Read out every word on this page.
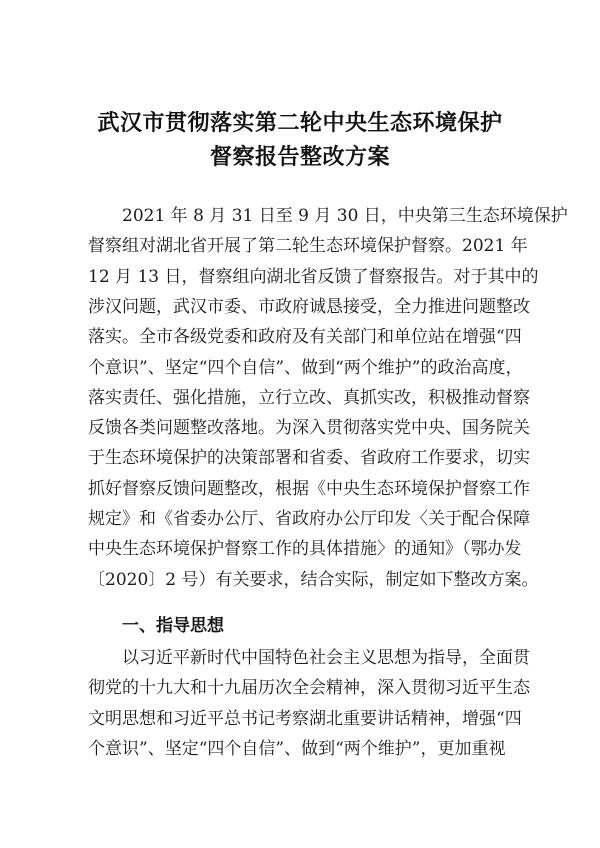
武汉市贯彻落实第二轮中央生态环境保护
督察报告整改方案
2021 年 8 月 31 日至 9 月 30 日，中央第三生态环境保护
督察组对湖北省开展了第二轮生态环境保护督察。2021 年
12 月 13 日，督察组向湖北省反馈了督察报告。对于其中的
涉汉问题，武汉市委、市政府诚恳接受，全力推进问题整改
落实。全市各级党委和政府及有关部门和单位站在增强“四
个意识”、坚定“四个自信”、做到“两个维护”的政治高度，
落实责任、强化措施，立行立改、真抓实改，积极推动督察
反馈各类问题整改落地。为深入贯彻落实党中央、国务院关
于生态环境保护的决策部署和省委、省政府工作要求，切实
抓好督察反馈问题整改，根据《中央生态环境保护督察工作
规定》和《省委办公厅、省政府办公厅印发〈关于配合保障
中央生态环境保护督察工作的具体措施〉的通知》（鄂办发
〔2020〕2 号）有关要求，结合实际，制定如下整改方案。
一、指导思想
以习近平新时代中国特色社会主义思想为指导，全面贯
彻党的十九大和十九届历次全会精神，深入贯彻习近平生态
文明思想和习近平总书记考察湖北重要讲话精神，增强“四
个意识”、坚定“四个自信”、做到“两个维护”，更加重视
